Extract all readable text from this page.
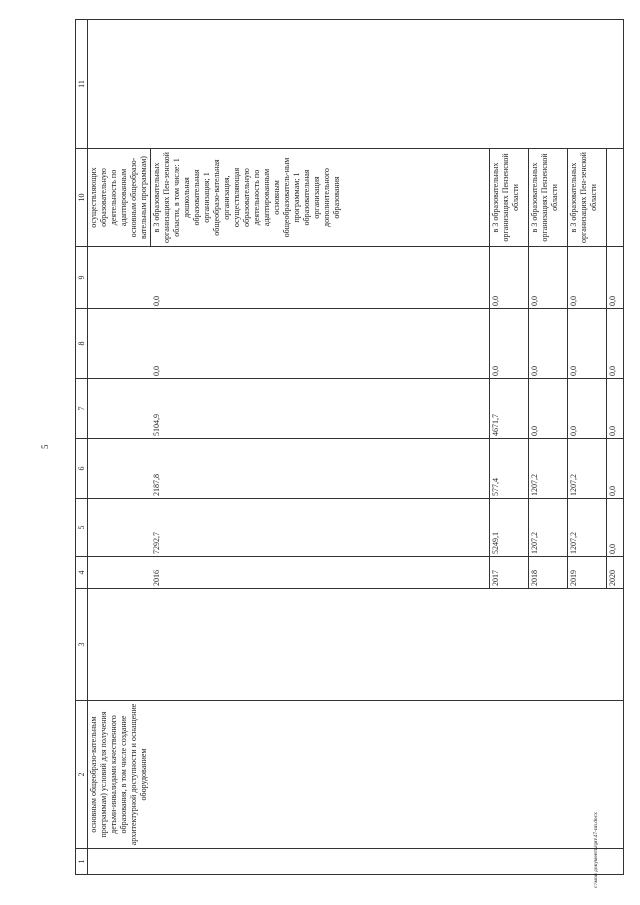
5
1	2	3	4	5	6	7	8	9	10	11
	основным общеобразо-вательным программам) условий для получения детьми-инвалидами качественного образования, в том числе создание архитектурной доступности и оснащение оборудованием								осуществляющих образовательную деятельность по адаптированным основным общеобразо-вательным программам)	
			2016	7292,7	2187,8	5104,9	0,0	0,0	в 3 образовательных организациях Пен-зенской области, в том числе: 1 дошкольная образовательная организация; 1 общеобразо-вательная организация, осуществляющая образовательную деятельность по адаптированным основным общеобразователь-ным программам; 1 образовательная организация дополнительного образования	
			2017	5249,1	577,4	4671,7	0,0	0,0	в 3 образовательных организациях Пензенской области	
			2018	1207,2	1207,2	0,0	0,0	0,0	в 3 образовательных организациях Пензенской области	
			2019	1207,2	1207,2	0,0	0,0	0,0	в 3 образовательных организациях Пен-зенской области	
			2020	0,0	0,0	0,0	0,0	0,0		
c:\мои документы\рп\47-пп.docx
